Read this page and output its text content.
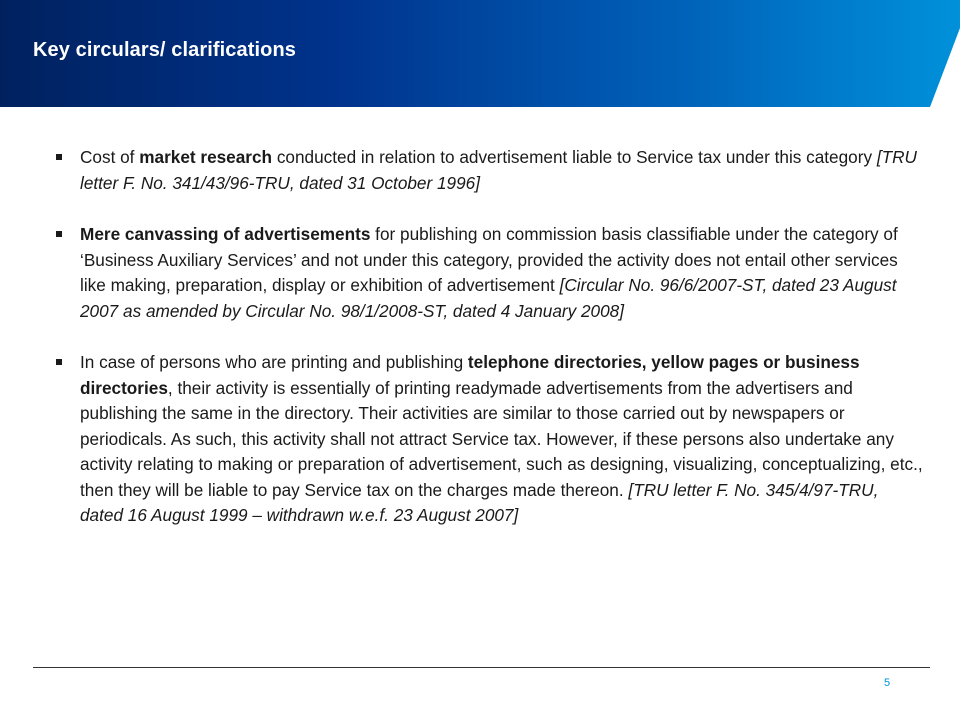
Key circulars/ clarifications
Cost of market research conducted in relation to advertisement liable to Service tax under this category [TRU letter F. No. 341/43/96-TRU, dated 31 October 1996]
Mere canvassing of advertisements for publishing on commission basis classifiable under the category of ‘Business Auxiliary Services’ and not under this category, provided the activity does not entail other services like making, preparation, display or exhibition of advertisement [Circular No. 96/6/2007-ST, dated 23 August 2007 as amended by Circular No. 98/1/2008-ST, dated 4 January 2008]
In case of persons who are printing and publishing telephone directories, yellow pages or business directories, their activity is essentially of printing readymade advertisements from the advertisers and publishing the same in the directory. Their activities are similar to those carried out by newspapers or periodicals. As such, this activity shall not attract Service tax. However, if these persons also undertake any activity relating to making or preparation of advertisement, such as designing, visualizing, conceptualizing, etc., then they will be liable to pay Service tax on the charges made thereon. [TRU letter F. No. 345/4/97-TRU, dated 16 August 1999 – withdrawn w.e.f. 23 August 2007]
5
